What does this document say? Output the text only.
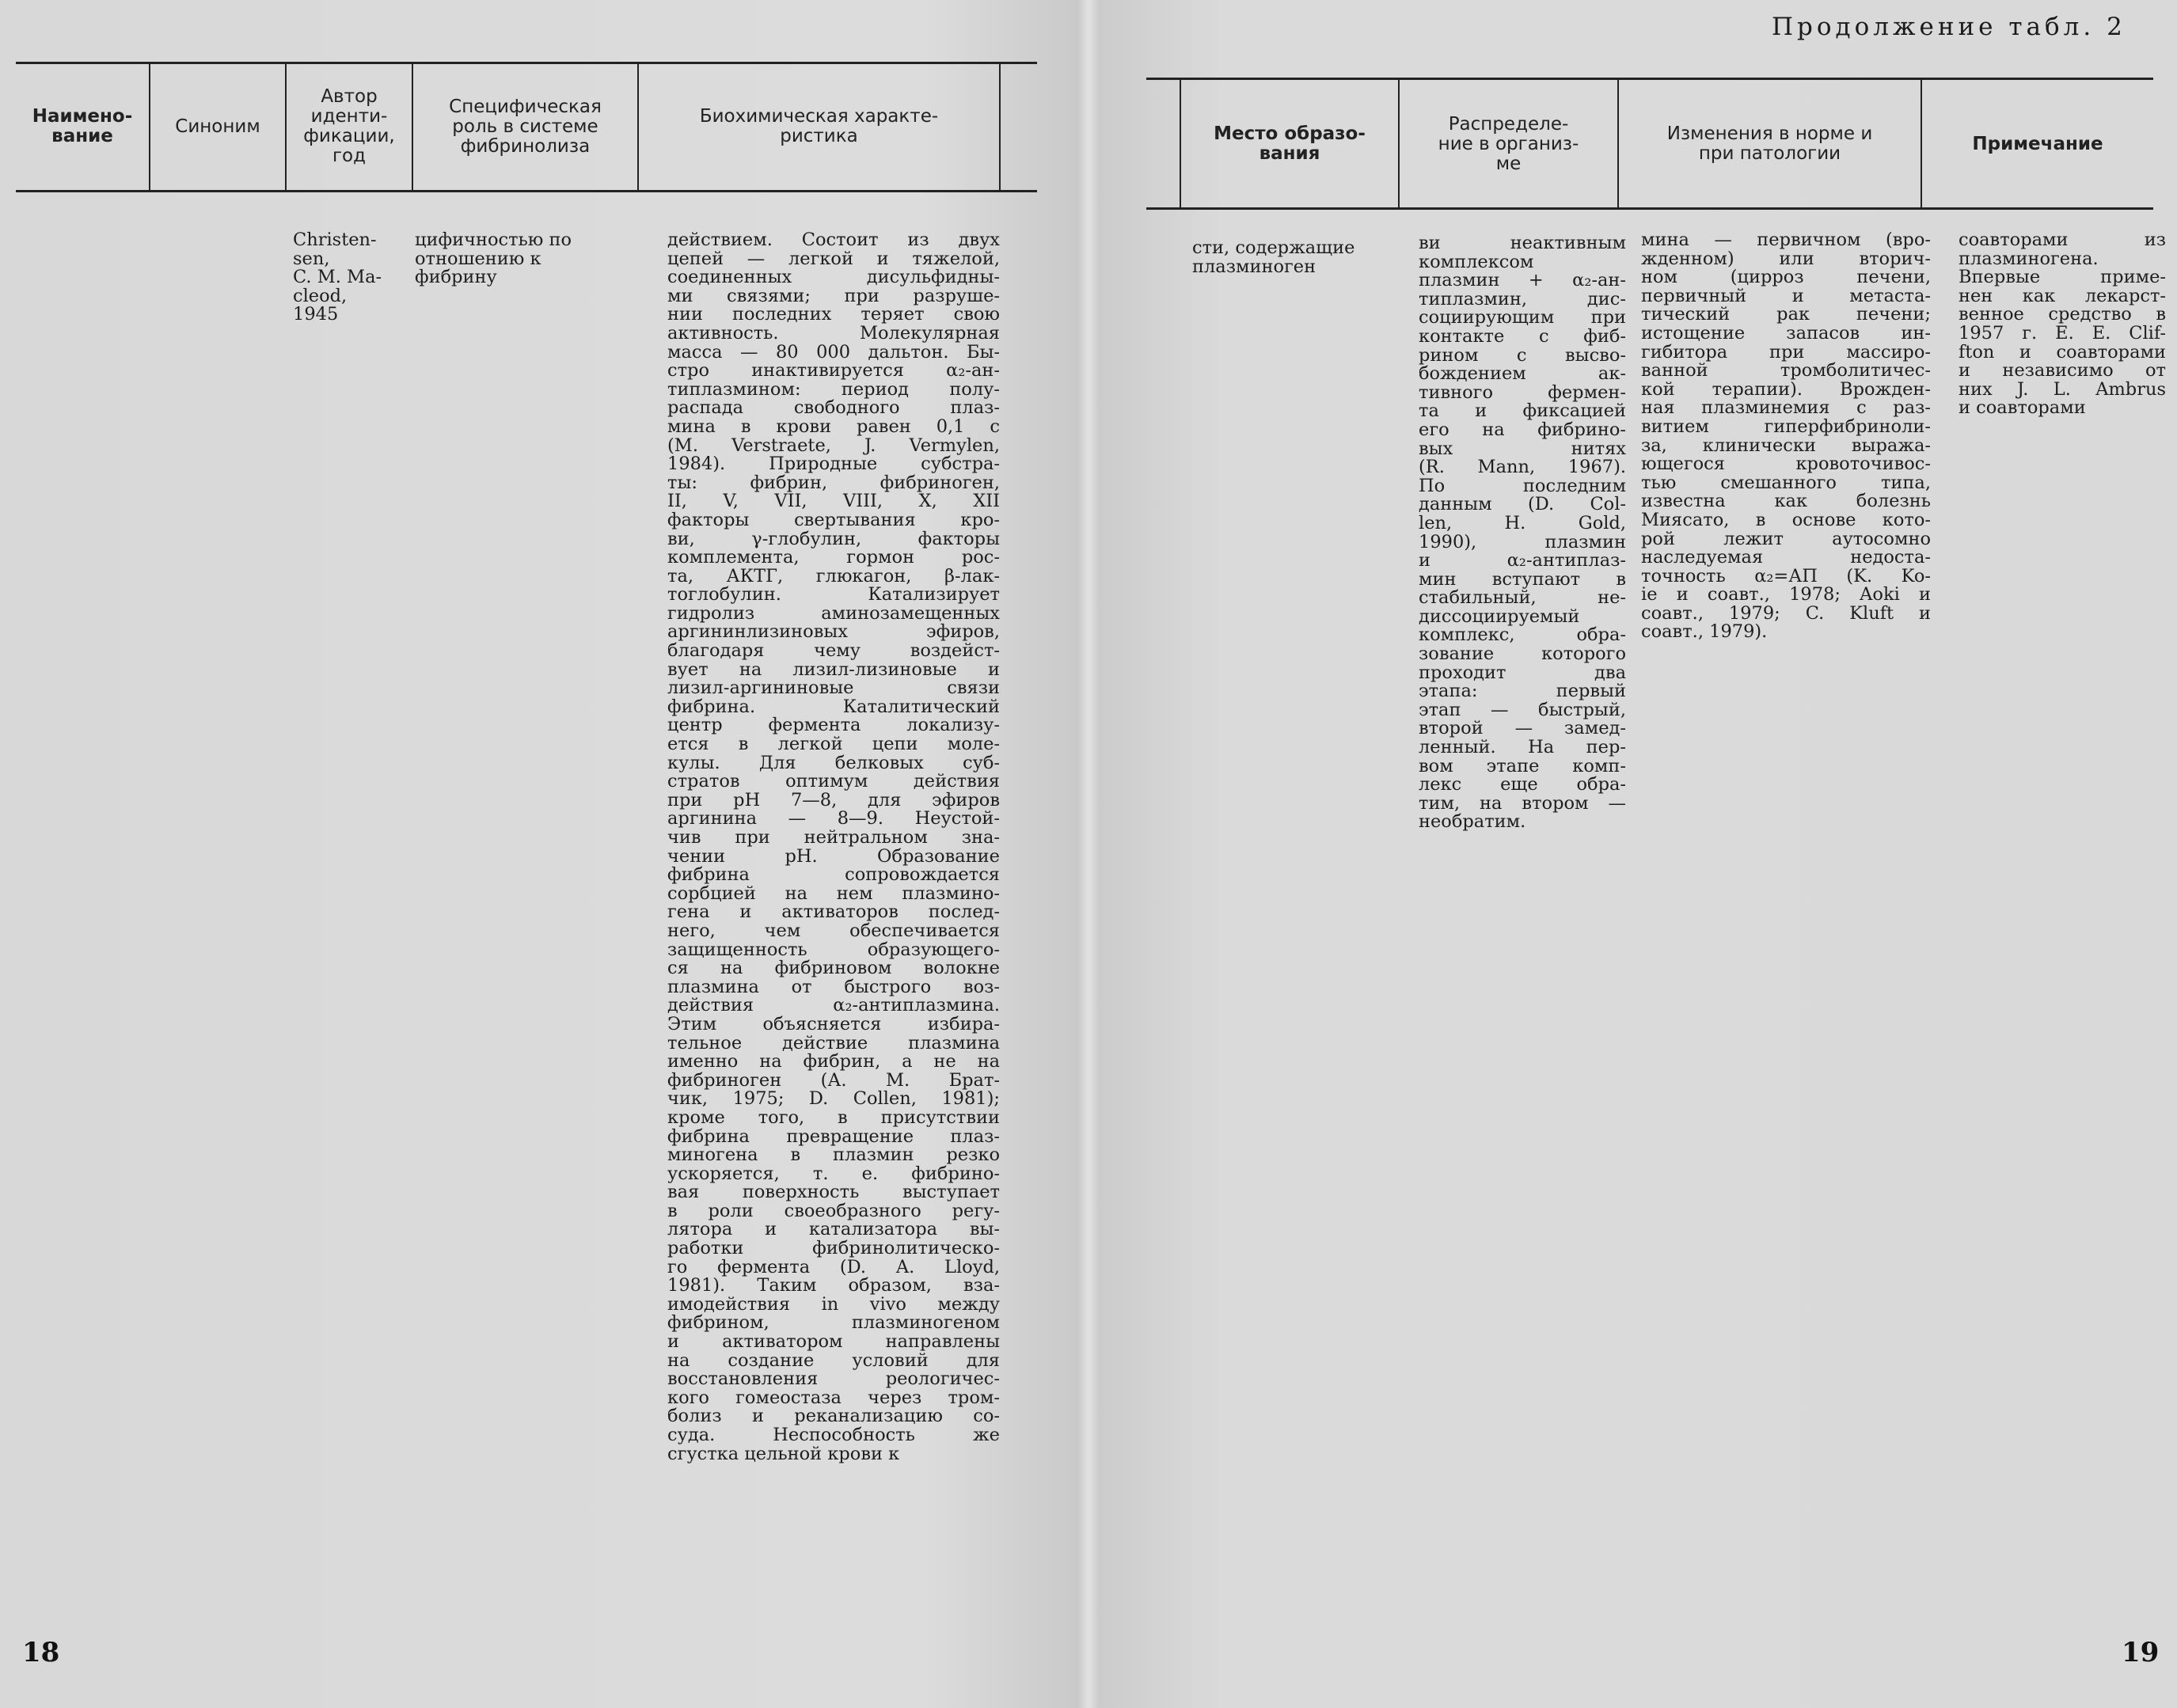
Наимено-
вание	Синоним
Автор
иденти-
фикации,
год
Специфическая
роль в системе
фибринолиза
Биохимическая характе-
ристика
Christen-
sen,
C. M. Ma-
cleod,
1945
цифичностью по
отношению к
фибрину
действием. Состоит из двух
цепей — легкой и тяжелой,
соединенных дисульфидны-
ми связями; при разруше-
нии последних теряет свою
активность. Молекулярная
масса — 80 000 дальтон. Бы-
стро инактивируется α₂-ан-
типлазмином: период полу-
распада свободного плаз-
мина в крови равен 0,1 с
(M. Verstraete, J. Vermylen,
1984). Природные субстра-
ты: фибрин, фибриноген,
II, V, VII, VIII, X, XII
факторы свертывания кро-
ви, γ-глобулин, факторы
комплемента, гормон рос-
та, АКТГ, глюкагон, β-лак-
тоглобулин. Катализирует
гидролиз аминозамещенных
аргининлизиновых эфиров,
благодаря чему воздейст-
вует на лизил-лизиновые и
лизил-аргининовые связи
фибрина. Каталитический
центр фермента локализу-
ется в легкой цепи моле-
кулы. Для белковых суб-
стратов оптимум действия
при pH 7—8, для эфиров
аргинина — 8—9. Неустой-
чив при нейтральном зна-
чении pH. Образование
фибрина сопровождается
сорбцией на нем плазмино-
гена и активаторов послед-
него, чем обеспечивается
защищенность образующего-
ся на фибриновом волокне
плазмина от быстрого воз-
действия α₂-антиплазмина.
Этим объясняется избира-
тельное действие плазмина
именно на фибрин, а не на
фибриноген (А. М. Брат-
чик, 1975; D. Collen, 1981);
кроме того, в присутствии
фибрина превращение плаз-
миногена в плазмин резко
ускоряется, т. е. фибрино-
вая поверхность выступает
в роли своеобразного регу-
лятора и катализатора вы-
работки фибринолитическо-
го фермента (D. A. Lloyd,
1981). Таким образом, вза-
имодействия in vivo между
фибрином, плазминогеном
и активатором направлены
на создание условий для
восстановления реологичес-
кого гомеостаза через тром-
болиз и реканализацию со-
суда. Неспособность же
сгустка цельной крови к
18
Продолжение табл. 2
Место образо-
вания
Распределе-
ние в организ-
ме
Изменения в норме и
при патологии	Примечание
сти, содержащие
плазминоген
ви неактивным
комплексом
плазмин + α₂-ан-
типлазмин, дис-
социирующим при
контакте с фиб-
рином с высво-
бождением ак-
тивного фермен-
та и фиксацией
его на фибрино-
вых нитях
(R. Mann, 1967).
По последним
данным (D. Col-
len, H. Gold,
1990), плазмин
и α₂-антиплаз-
мин вступают в
стабильный, не-
диссоциируемый
комплекс, обра-
зование которого
проходит два
этапа: первый
этап — быстрый,
второй — замед-
ленный. На пер-
вом этапе комп-
лекс еще обра-
тим, на втором —
необратим.
мина — первичном (вро-
жденном) или вторич-
ном (цирроз печени,
первичный и метаста-
тический рак печени;
истощение запасов ин-
гибитора при массиро-
ванной тромболитичес-
кой терапии). Врожден-
ная плазминемия с раз-
витием гиперфибриноли-
за, клинически выража-
ющегося кровоточивос-
тью смешанного типа,
известна как болезнь
Миясато, в основе кото-
рой лежит аутосомно
наследуемая недоста-
точность α₂=АП (K. Ko-
ie и соавт., 1978; Aoki и
соавт., 1979; C. Kluft и
соавт., 1979).
соавторами из
плазминогена.
Впервые приме-
нен как лекарст-
венное средство в
1957 г. E. E. Clif-
fton и соавторами
и независимо от
них J. L. Ambrus
и соавторами
19
